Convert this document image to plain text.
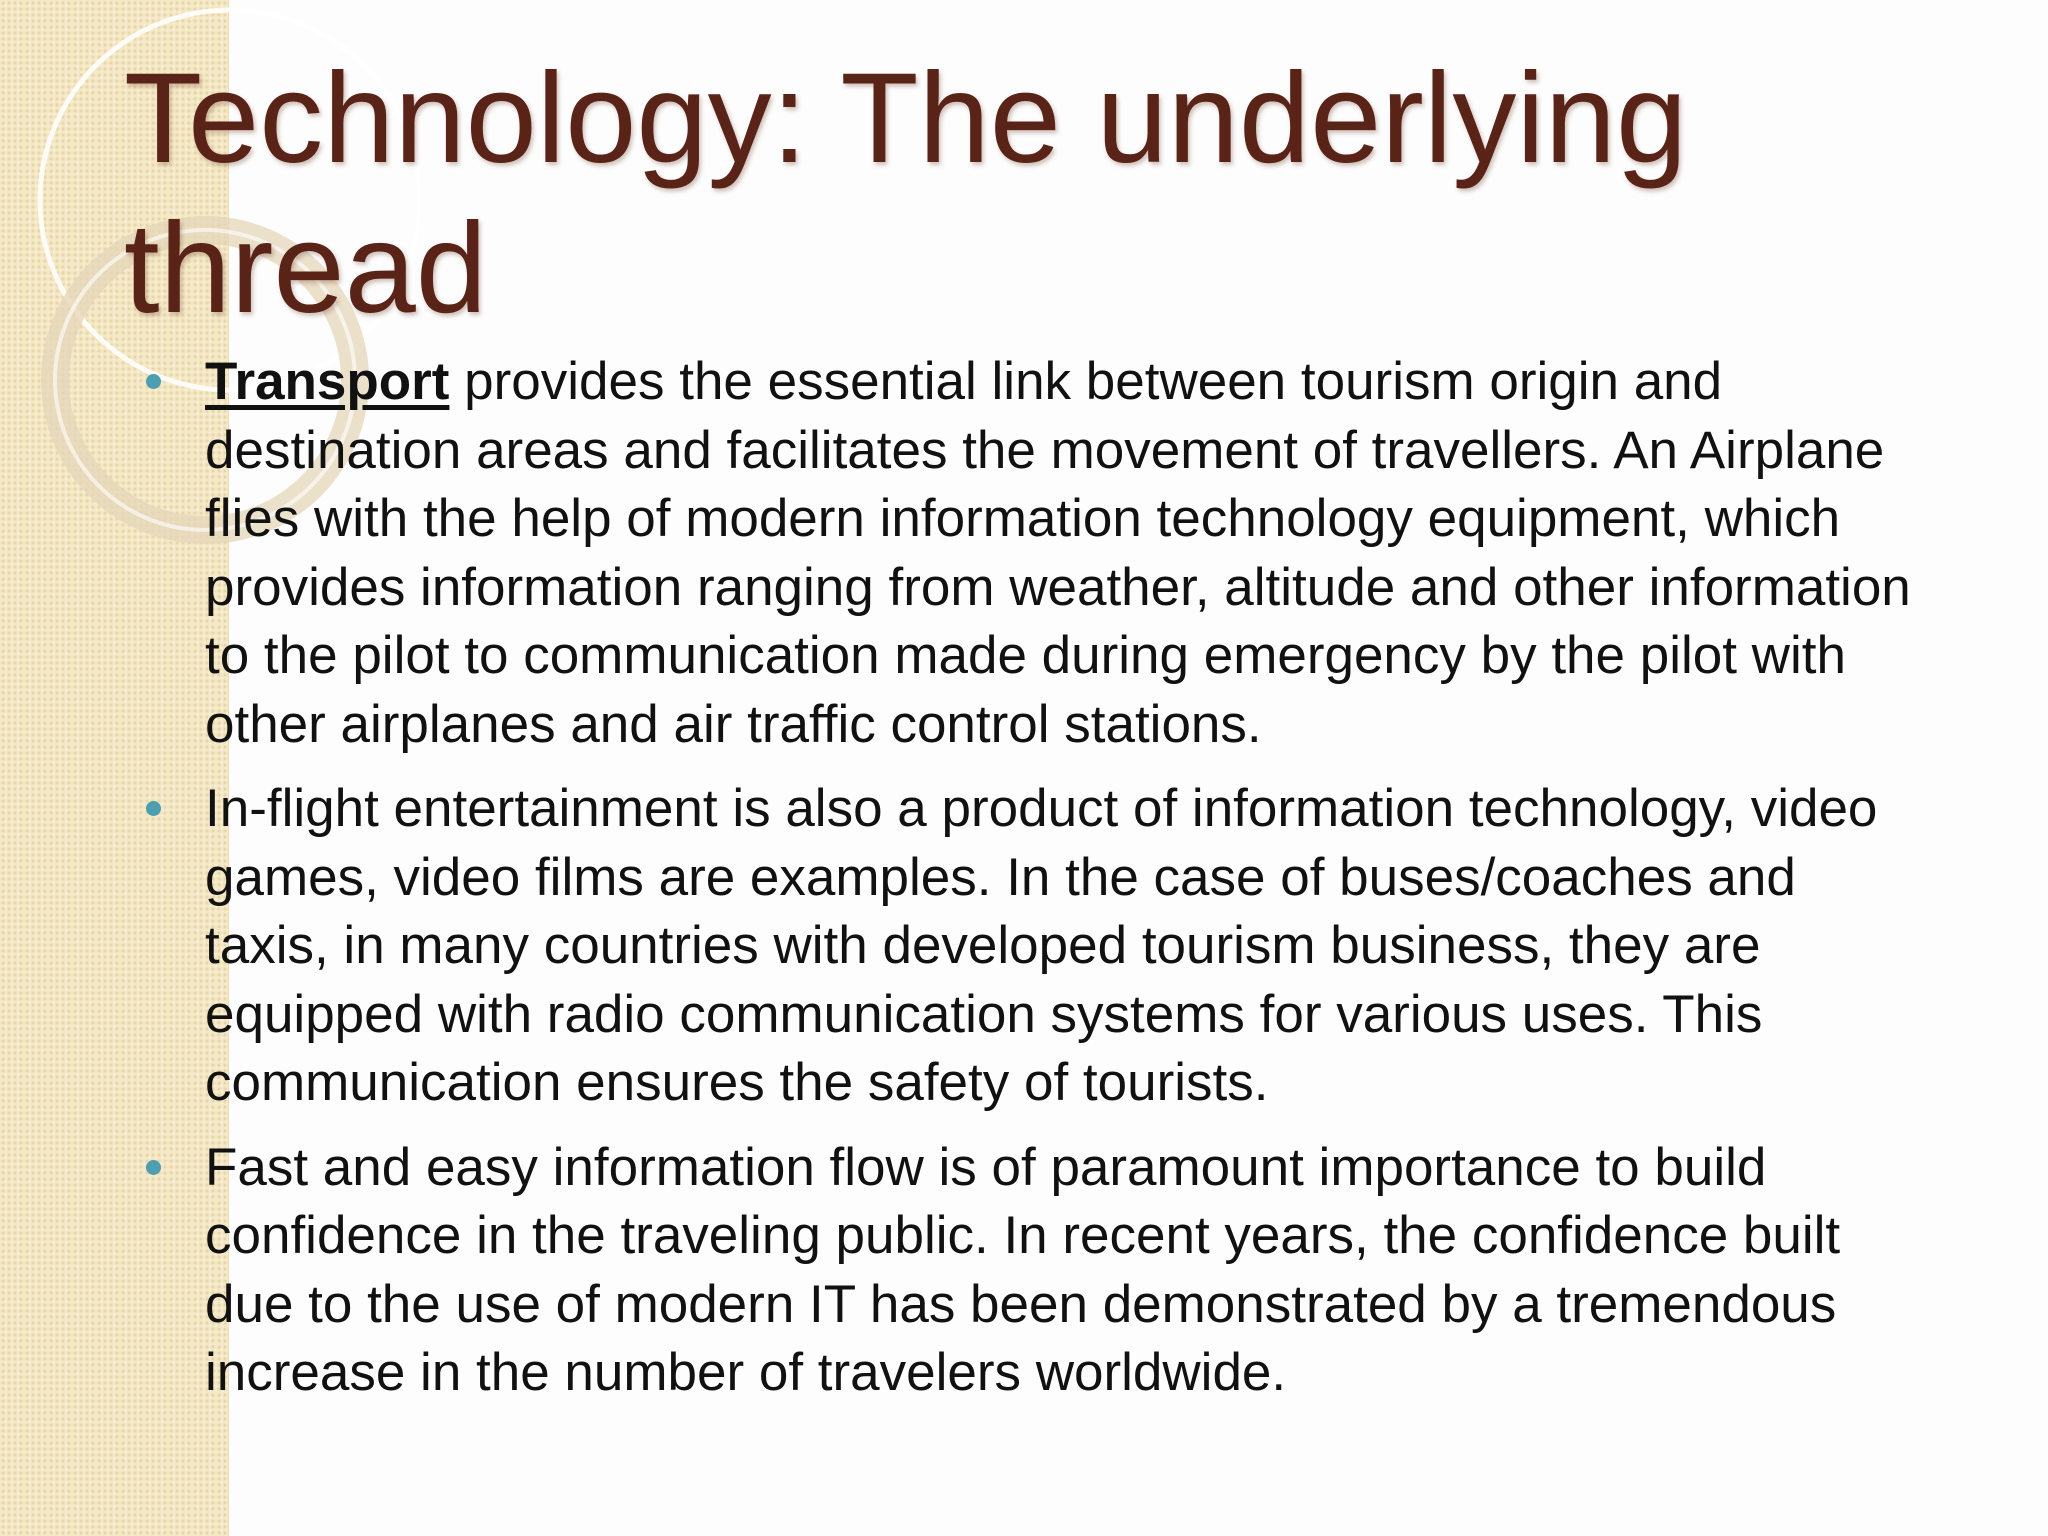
Technology: The underlying thread
Transport provides the essential link between tourism origin and destination areas and facilitates the movement of travellers. An Airplane flies with the help of modern information technology equipment, which provides information ranging from weather, altitude and other information to the pilot to communication made during emergency by the pilot with other airplanes and air traffic control stations.
In-flight entertainment is also a product of information technology, video games, video films are examples. In the case of buses/coaches and taxis, in many countries with developed tourism business, they are equipped with radio communication systems for various uses. This communication ensures the safety of tourists.
Fast and easy information flow is of paramount importance to build confidence in the traveling public. In recent years, the confidence built due to the use of modern IT has been demonstrated by a tremendous increase in the number of travelers worldwide.
